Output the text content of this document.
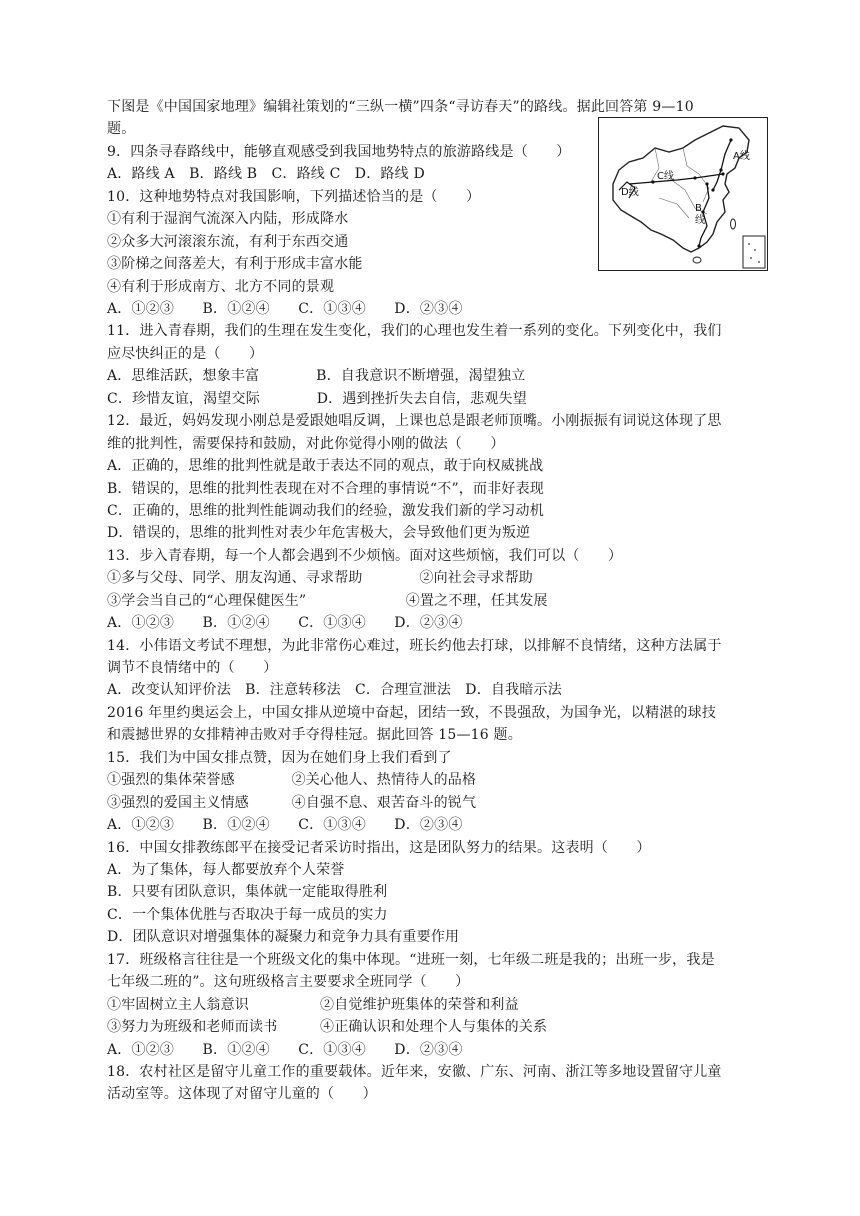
下图是《中国国家地理》编辑社策划的“三纵一横”四条“寻访春天”的路线。据此回答第 9—10
题。
9．四条寻春路线中，能够直观感受到我国地势特点的旅游路线是（　　）
A．路线 A　B．路线 B　C．路线 C　D．路线 D
10．这种地势特点对我国影响，下列描述恰当的是（　　）
①有利于湿润气流深入内陆，形成降水
②众多大河滚滚东流，有利于东西交通
③阶梯之间落差大，有利于形成丰富水能
④有利于形成南方、北方不同的景观
A．①②③　　B．①②④　　C．①③④　　D．②③④
11．进入青春期，我们的生理在发生变化，我们的心理也发生着一系列的变化。下列变化中，我们
应尽快纠正的是（　　）
A．思维活跃，想象丰富　　　　B．自我意识不断增强，渴望独立
C．珍惜友谊，渴望交际　　　　D．遇到挫折失去自信，悲观失望
12．最近，妈妈发现小刚总是爱跟她唱反调，上课也总是跟老师顶嘴。小刚振振有词说这体现了思
维的批判性，需要保持和鼓励，对此你觉得小刚的做法（　　）
A．正确的，思维的批判性就是敢于表达不同的观点，敢于向权威挑战
B．错误的，思维的批判性表现在对不合理的事情说“不”，而非好表现
C．正确的，思维的批判性能调动我们的经验，激发我们新的学习动机
D．错误的，思维的批判性对表少年危害极大，会导致他们更为叛逆
13．步入青春期，每一个人都会遇到不少烦恼。面对这些烦恼，我们可以（　　）
①多与父母、同学、朋友沟通、寻求帮助　　　　②向社会寻求帮助
③学会当自己的“心理保健医生”　　　　　　　④置之不理，任其发展
A．①②③　　B．①②④　　C．①③④　　D．②③④
14．小伟语文考试不理想，为此非常伤心难过，班长约他去打球，以排解不良情绪，这种方法属于
调节不良情绪中的（　　）
A．改变认知评价法　B．注意转移法　C．合理宣泄法　D．自我暗示法
2016 年里约奥运会上，中国女排从逆境中奋起，团结一致，不畏强敌，为国争光，以精湛的球技
和震撼世界的女排精神击败对手夺得桂冠。据此回答 15—16 题。
15．我们为中国女排点赞，因为在她们身上我们看到了
①强烈的集体荣誉感　　　　②关心他人、热情待人的品格
③强烈的爱国主义情感　　　④自强不息、艰苦奋斗的锐气
A．①②③　　B．①②④　　C．①③④　　D．②③④
16．中国女排教练郎平在接受记者采访时指出，这是团队努力的结果。这表明（　　）
A．为了集体，每人都要放弃个人荣誉
B．只要有团队意识，集体就一定能取得胜利
C．一个集体优胜与否取决于每一成员的实力
D．团队意识对增强集体的凝聚力和竞争力具有重要作用
17．班级格言往往是一个班级文化的集中体现。“进班一刻，七年级二班是我的；出班一步，我是
七年级二班的”。这句班级格言主要要求全班同学（　　）
①牢固树立主人翁意识　　　　　②自觉维护班集体的荣誉和利益
③努力为班级和老师而读书　　　④正确认识和处理个人与集体的关系
A．①②③　　B．①②④　　C．①③④　　D．②③④
18．农村社区是留守儿童工作的重要载体。近年来，安徽、广东、河南、浙江等多地设置留守儿童
活动室等。这体现了对留守儿童的（　　）
A线
B
线
C线
D线
